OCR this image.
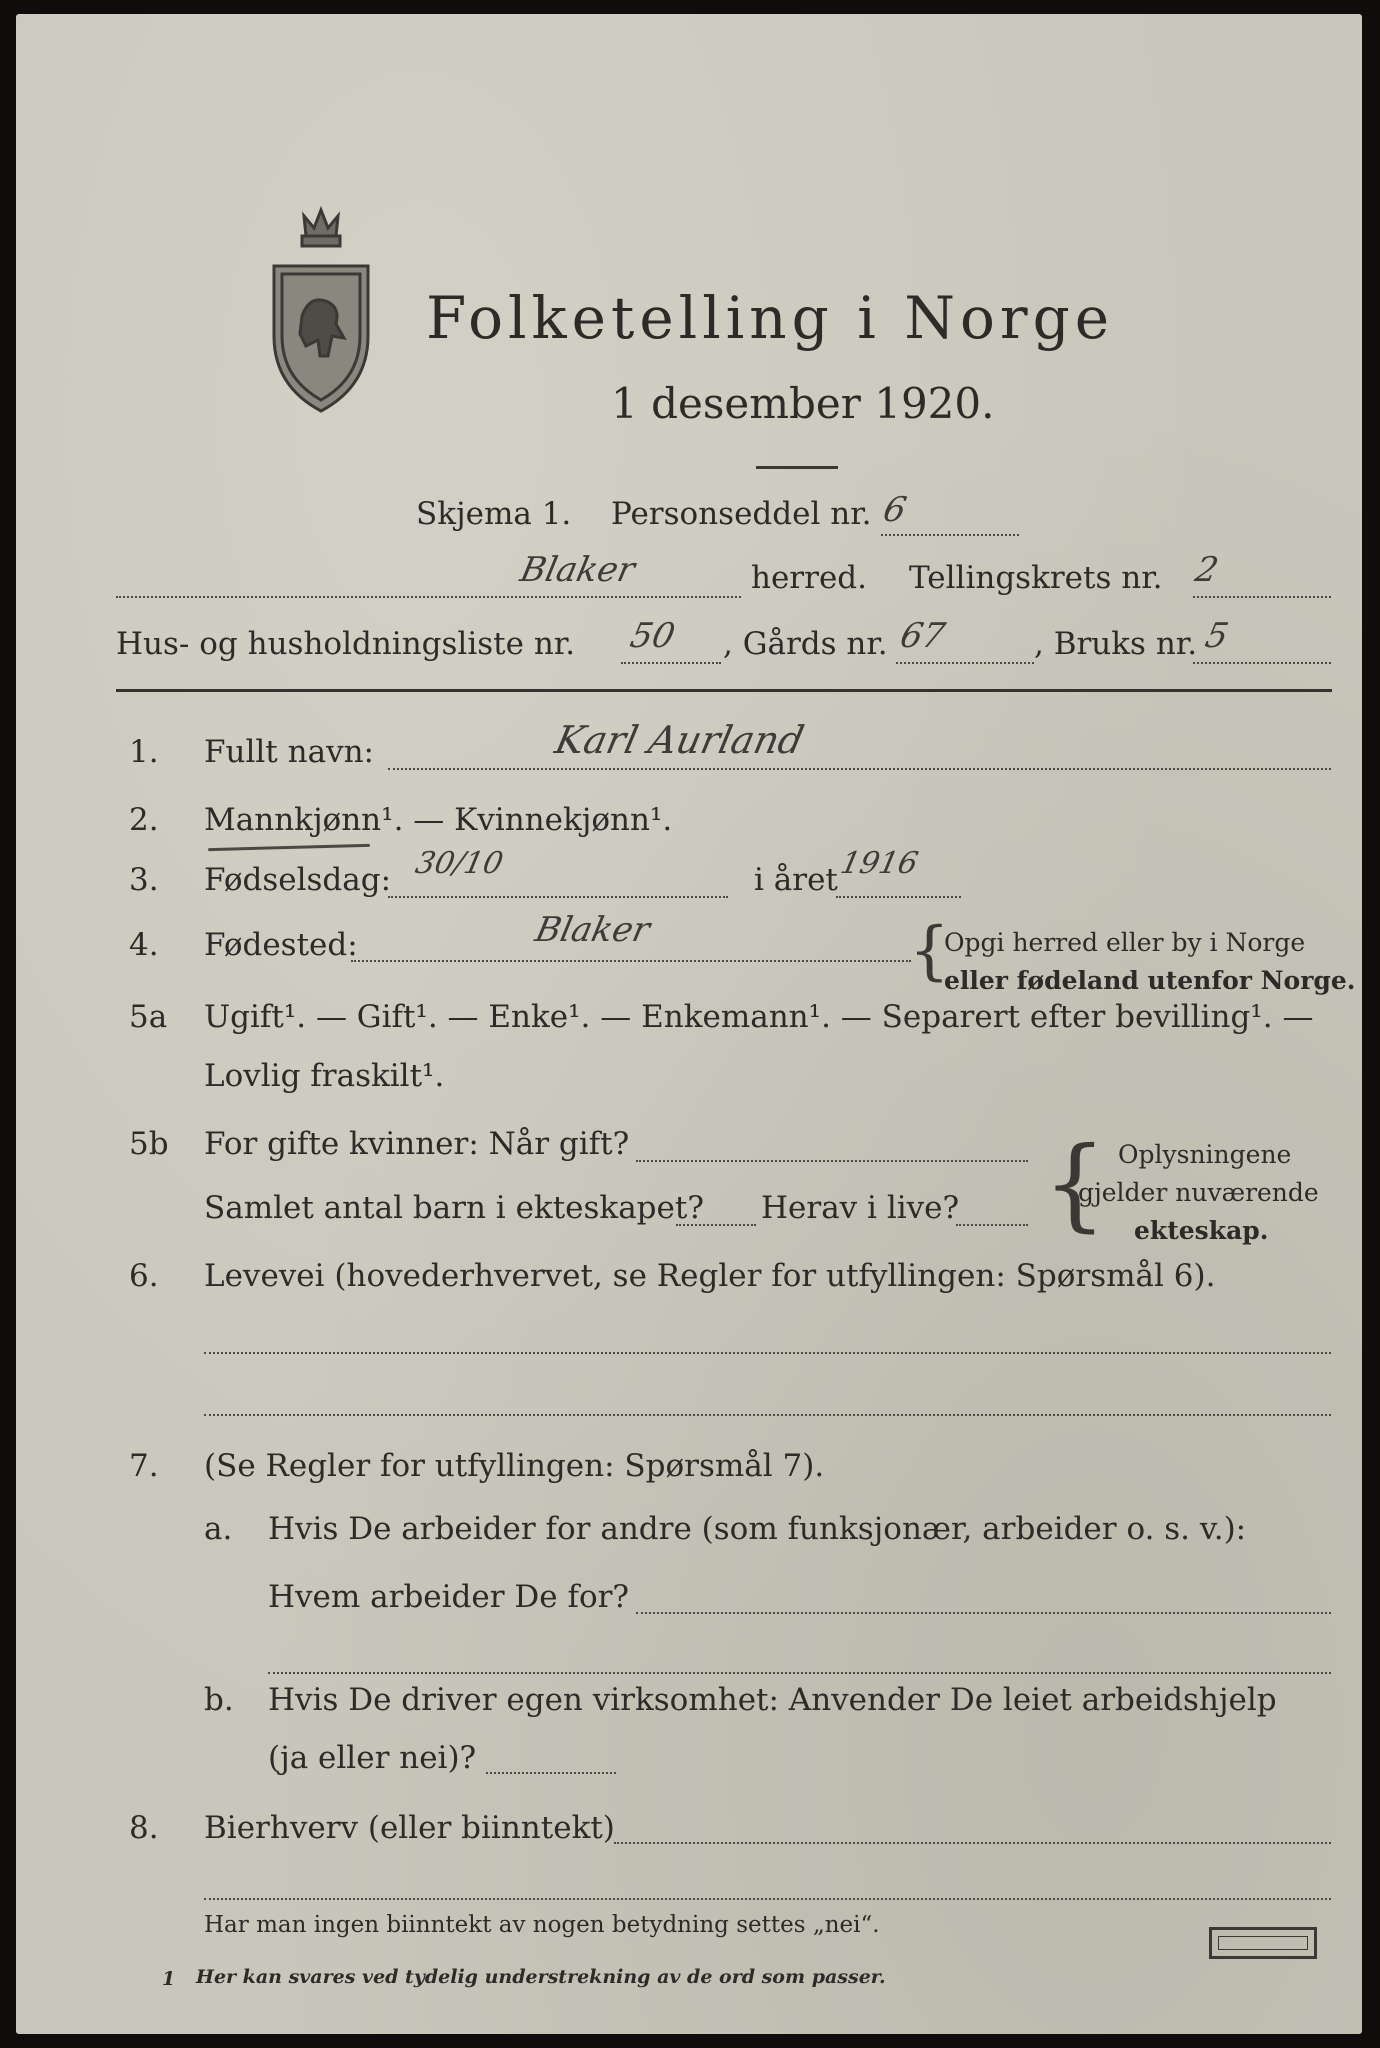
Folketelling i Norge
1 desember 1920.
Skjema 1. Personseddel nr. 6
Blaker	herred. Tellingskrets nr. 2
Hus- og husholdningsliste nr. 50 , Gårds nr. 67	, Bruks nr. 5
1. Fullt navn:	Karl Aurland
2. Mannkjønn¹. — Kvinnekjønn¹.
3. Fødselsdag: 30/10	i året 1916
4. Fødested:	Blaker	{
Opgi herred eller by i Norge
eller fødeland utenfor Norge.
5a Ugift¹. — Gift¹. — Enke¹. — Enkemann¹. — Separert efter bevilling¹. —
Lovlig fraskilt¹.
5b For gifte kvinner: Når gift?
Samlet antal barn i ekteskapet? Herav i live? { Oplysningene
gjelder nuværende
ekteskap.
6. Levevei (hovederhvervet, se Regler for utfyllingen: Spørsmål 6).
7. (Se Regler for utfyllingen: Spørsmål 7).
a. Hvis De arbeider for andre (som funksjonær, arbeider o. s. v.):
Hvem arbeider De for?
b. Hvis De driver egen virksomhet: Anvender De leiet arbeidshjelp
(ja eller nei)?
8. Bierhverv (eller biinntekt)
Har man ingen biinntekt av nogen betydning settes „nei“.
1 Her kan svares ved tydelig understrekning av de ord som passer.
